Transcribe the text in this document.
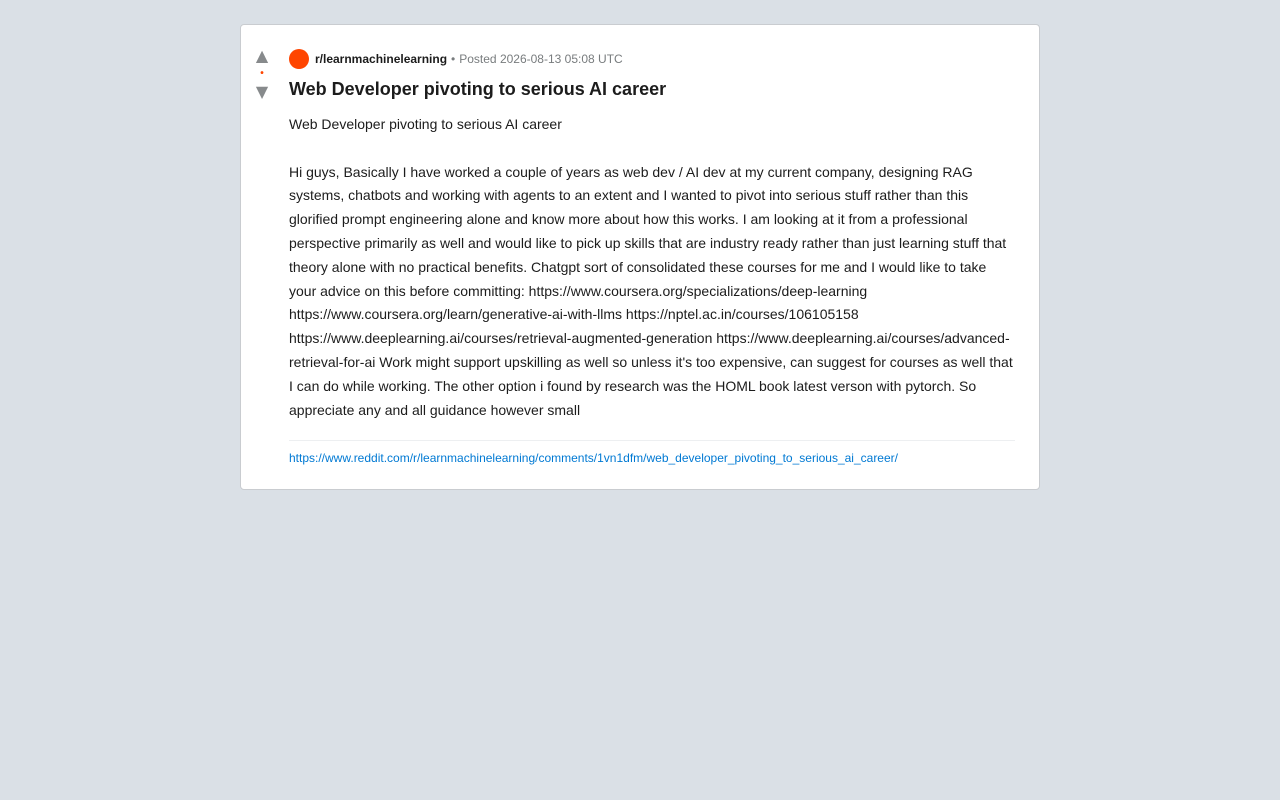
▲
•
▼
r/learnmachinelearning • Posted 2026-08-13 05:08 UTC
Web Developer pivoting to serious AI career
Web Developer pivoting to serious AI career

Hi guys, Basically I have worked a couple of years as web dev / AI dev at my current company, designing RAG systems, chatbots and working with agents to an extent and I wanted to pivot into serious stuff rather than this glorified prompt engineering alone and know more about how this works. I am looking at it from a professional perspective primarily as well and would like to pick up skills that are industry ready rather than just learning stuff that theory alone with no practical benefits. Chatgpt sort of consolidated these courses for me and I would like to take your advice on this before committing: https://www.coursera.org/specializations/deep-learning https://www.coursera.org/learn/generative-ai-with-llms https://nptel.ac.in/courses/106105158 https://www.deeplearning.ai/courses/retrieval-augmented-generation https://www.deeplearning.ai/courses/advanced-retrieval-for-ai Work might support upskilling as well so unless it's too expensive, can suggest for courses as well that I can do while working. The other option i found by research was the HOML book latest verson with pytorch. So appreciate any and all guidance however small
https://www.reddit.com/r/learnmachinelearning/comments/1vn1dfm/web_developer_pivoting_to_serious_ai_career/
